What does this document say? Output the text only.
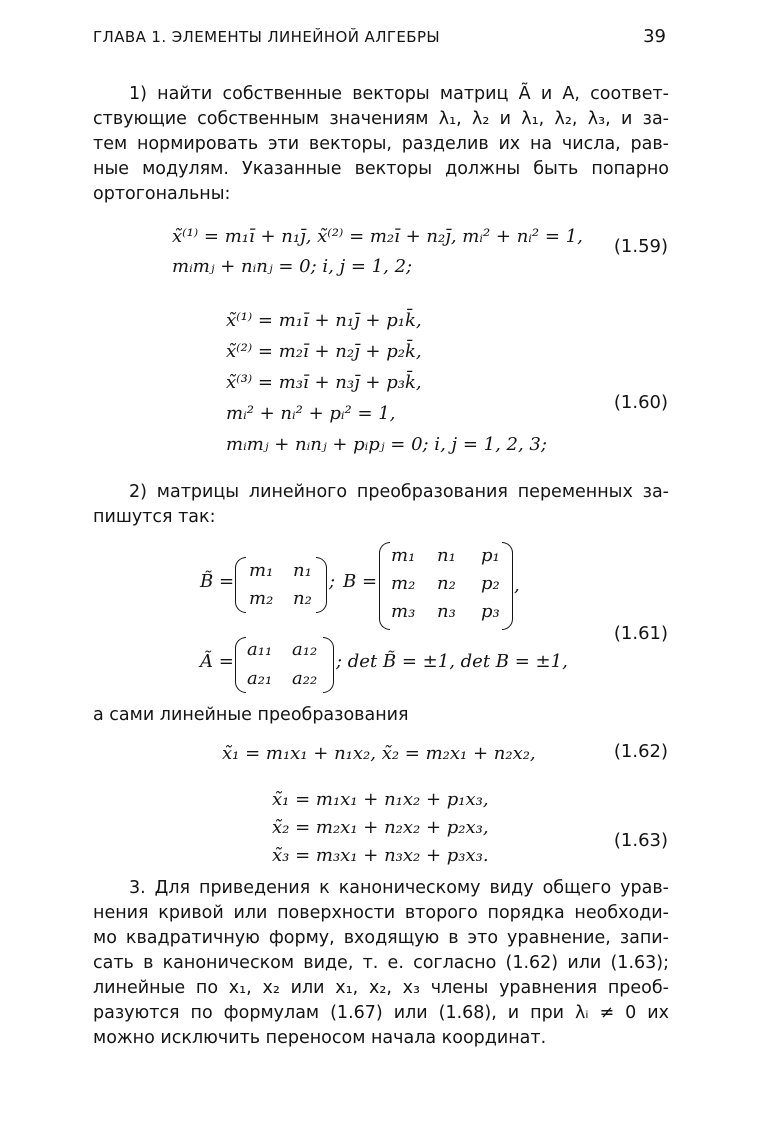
ГЛАВА 1. ЭЛЕМЕНТЫ ЛИНЕЙНОЙ АЛГЕБРЫ	39
1) найти собственные векторы матриц Ã и A, соответ-
ствующие собственным значениям λ₁, λ₂ и λ₁, λ₂, λ₃, и за-
тем нормировать эти векторы, разделив их на числа, рав-
ные модулям. Указанные векторы должны быть попарно
ортогональны:
x̃⁽¹⁾ = m₁ī + n₁j̄, x̃⁽²⁾ = m₂ī + n₂j̄, mᵢ² + nᵢ² = 1,
mᵢmⱼ + nᵢnⱼ = 0; i, j = 1, 2;
(1.59)
x̃⁽¹⁾ = m₁ī + n₁j̄ + p₁k̄,
x̃⁽²⁾ = m₂ī + n₂j̄ + p₂k̄,
x̃⁽³⁾ = m₃ī + n₃j̄ + p₃k̄,
mᵢ² + nᵢ² + pᵢ² = 1,
mᵢmⱼ + nᵢnⱼ + pᵢpⱼ = 0; i, j = 1, 2, 3;
(1.60)
2) матрицы линейного преобразования переменных за-
пишутся так:
B̃ =
m₁ n₁
m₂ n₂
; B =
m₁ n₁ p₁
m₂ n₂ p₂
m₃ n₃ p₃
,
Ã =
a₁₁ a₁₂
a₂₁ a₂₂
; det B̃ = ±1, det B = ±1,
(1.61)
а сами линейные преобразования
x̃₁ = m₁x₁ + n₁x₂, x̃₂ = m₂x₁ + n₂x₂,	(1.62)
x̃₁ = m₁x₁ + n₁x₂ + p₁x₃,
x̃₂ = m₂x₁ + n₂x₂ + p₂x₃,
x̃₃ = m₃x₁ + n₃x₂ + p₃x₃.
(1.63)
3. Для приведения к каноническому виду общего урав-
нения кривой или поверхности второго порядка необходи-
мо квадратичную форму, входящую в это уравнение, запи-
сать в каноническом виде, т. е. согласно (1.62) или (1.63);
линейные по x₁, x₂ или x₁, x₂, x₃ члены уравнения преоб-
разуются по формулам (1.67) или (1.68), и при λᵢ ≠ 0 их
можно исключить переносом начала координат.
